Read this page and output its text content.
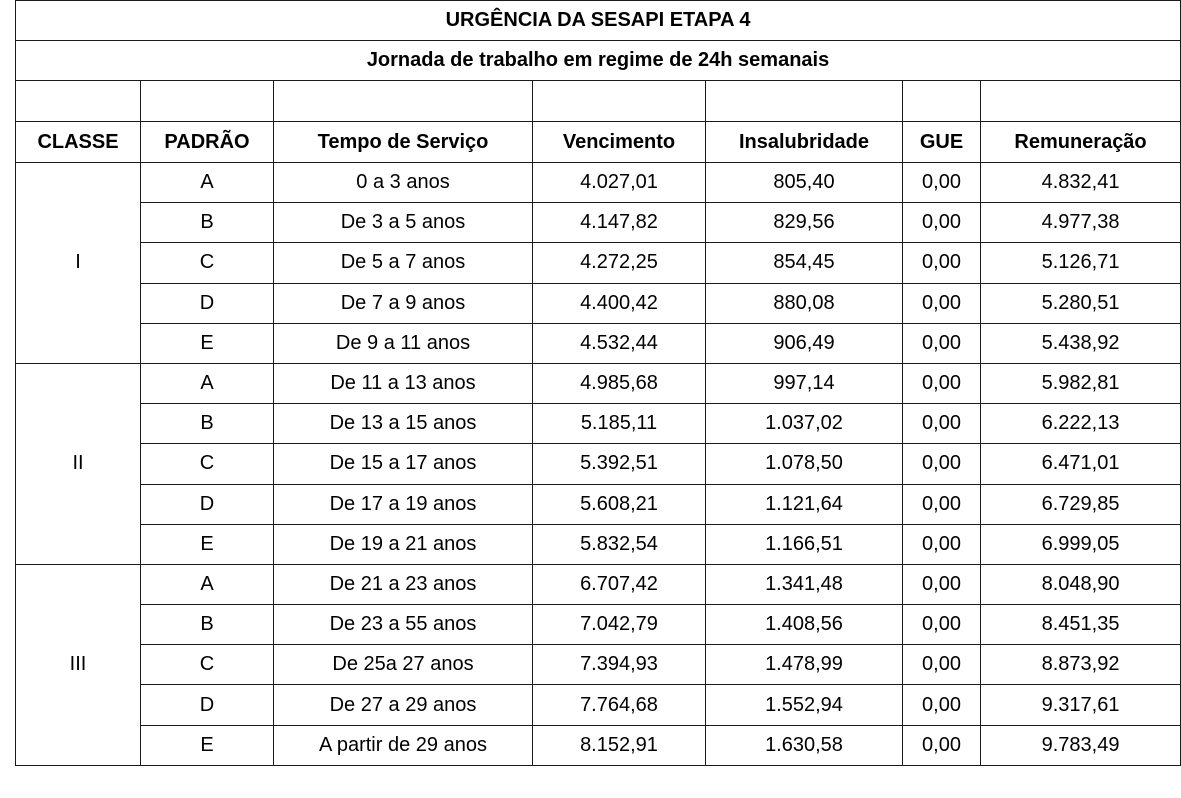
URGÊNCIA DA SESAPI ETAPA 4						
Jornada de trabalho em regime de 24h semanais						

CLASSE	PADRÃO	Tempo de Serviço	Vencimento	Insalubridade	GUE	Remuneração
I	A	0 a 3 anos	4.027,01	805,40	0,00	4.832,41
	B	De 3 a 5 anos	4.147,82	829,56	0,00	4.977,38
	C	De 5 a 7 anos	4.272,25	854,45	0,00	5.126,71
	D	De 7 a 9 anos	4.400,42	880,08	0,00	5.280,51
	E	De 9 a 11 anos	4.532,44	906,49	0,00	5.438,92
II	A	De 11 a 13 anos	4.985,68	997,14	0,00	5.982,81
	B	De 13 a 15 anos	5.185,11	1.037,02	0,00	6.222,13
	C	De 15 a 17 anos	5.392,51	1.078,50	0,00	6.471,01
	D	De 17 a 19 anos	5.608,21	1.121,64	0,00	6.729,85
	E	De 19 a 21 anos	5.832,54	1.166,51	0,00	6.999,05
III	A	De 21 a 23 anos	6.707,42	1.341,48	0,00	8.048,90
	B	De 23 a 55 anos	7.042,79	1.408,56	0,00	8.451,35
	C	De 25a 27 anos	7.394,93	1.478,99	0,00	8.873,92
	D	De 27 a 29 anos	7.764,68	1.552,94	0,00	9.317,61
	E	A partir de 29 anos	8.152,91	1.630,58	0,00	9.783,49
